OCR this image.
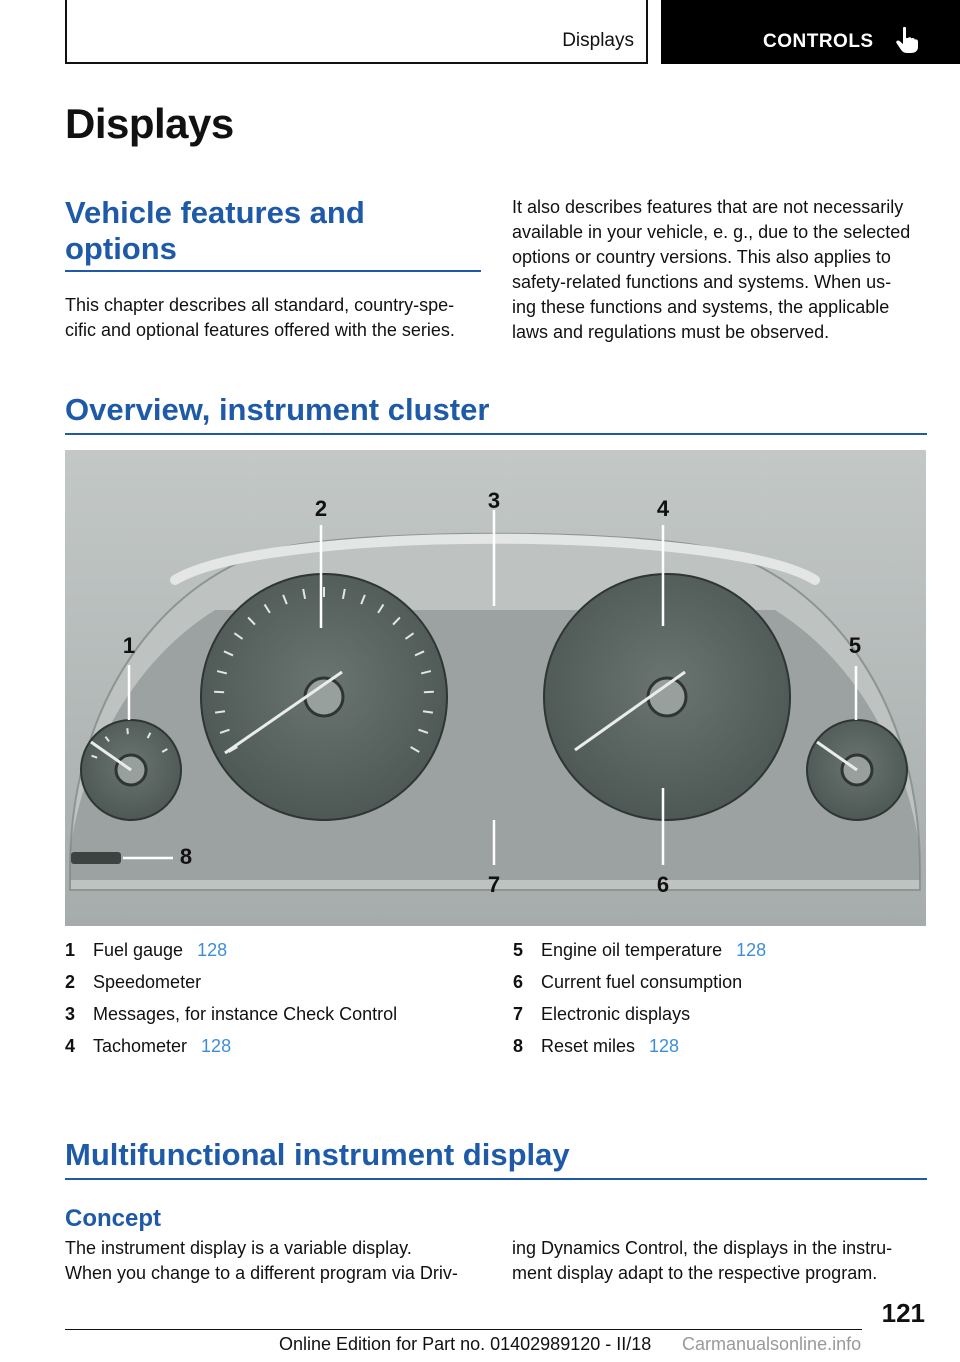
Displays	CONTROLS
Displays
Vehicle features and
options
This chapter describes all standard, country-spe-
cific and optional features offered with the series.
It also describes features that are not necessarily
available in your vehicle, e. g., due to the selected
options or country versions. This also applies to
safety-related functions and systems. When us-
ing these functions and systems, the applicable
laws and regulations must be observed.
Overview, instrument cluster
1
2	3	4
5
6
7
8
1 Fuel gauge 128
2 Speedometer
3 Messages, for instance Check Control
4 Tachometer 128
5 Engine oil temperature 128
6 Current fuel consumption
7 Electronic displays
8 Reset miles 128
Multifunctional instrument display
Concept
The instrument display is a variable display.
When you change to a different program via Driv-
ing Dynamics Control, the displays in the instru-
ment display adapt to the respective program.
121
Online Edition for Part no. 01402989120 - II/18 Carmanualsonline.info
